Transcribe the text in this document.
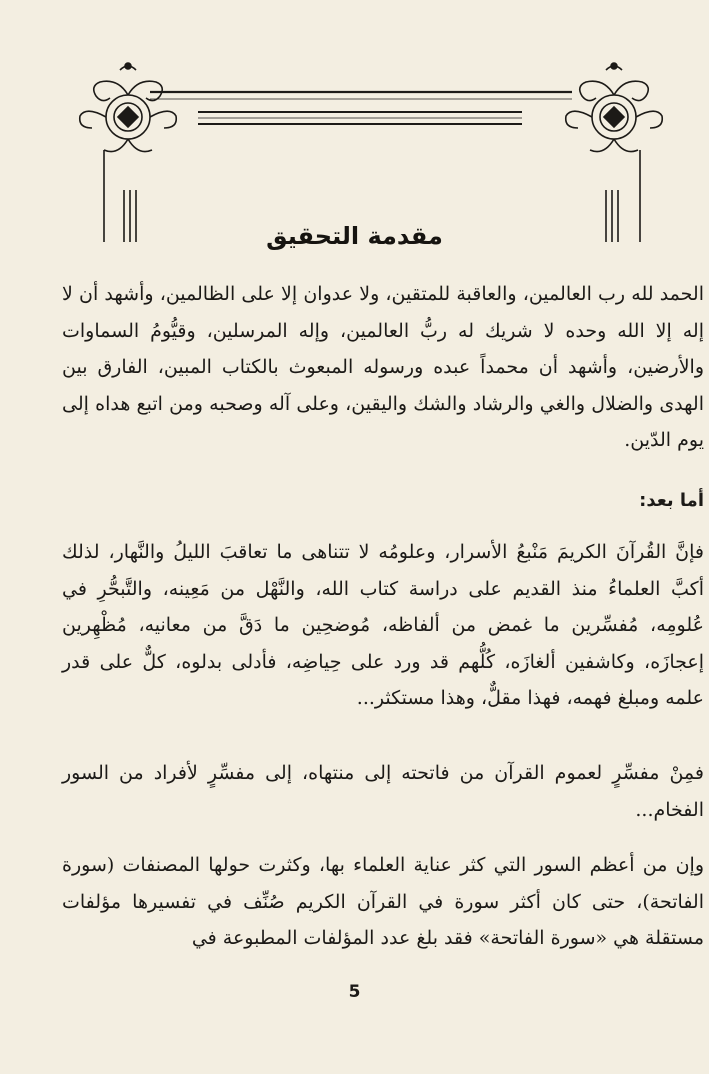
مقدمة التحقيق

الحمد لله رب العالمين، والعاقبة للمتقين، ولا عدوان إلا على الظالمين، وأشهد أن لا إله إلا الله وحده لا شريك له ربُّ العالمين، وإله المرسلين، وقيُّومُ السماوات والأرضين، وأشهد أن محمداً عبده ورسوله المبعوث بالكتاب المبين، الفارق بين الهدى والضلال والغي والرشاد والشك واليقين، وعلى آله وصحبه ومن اتبع هداه إلى يوم الدّين.

أما بعد:

فإنَّ القُرآنَ الكريمَ مَنْبعُ الأسرار، وعلومُه لا تتناهى ما تعاقبَ الليلُ والنَّهار، لذلك أكبَّ العلماءُ منذ القديم على دراسة كتاب الله، والنَّهْل من مَعِينه، والتَّبحُّرِ في عُلومِه، مُفسِّرين ما غمض من ألفاظه، مُوضحِين ما دَقَّ من معانيه، مُظْهِرين إعجازَه، وكاشفين ألغازَه، كُلُّهم قد ورد على حِياضِه، فأدلى بدلوه، كلٌّ على قدر علمه ومبلغ فهمه، فهذا مقلٌّ، وهذا مستكثر...

فمِنْ مفسِّرٍ لعموم القرآن من فاتحته إلى منتهاه، إلى مفسِّرٍ لأفراد من السور الفخام...

وإن من أعظم السور التي كثر عناية العلماء بها، وكثرت حولها المصنفات (سورة الفاتحة)، حتى كان أكثر سورة في القرآن الكريم صُنِّف في تفسيرها مؤلفات مستقلة هي «سورة الفاتحة» فقد بلغ عدد المؤلفات المطبوعة في

5
